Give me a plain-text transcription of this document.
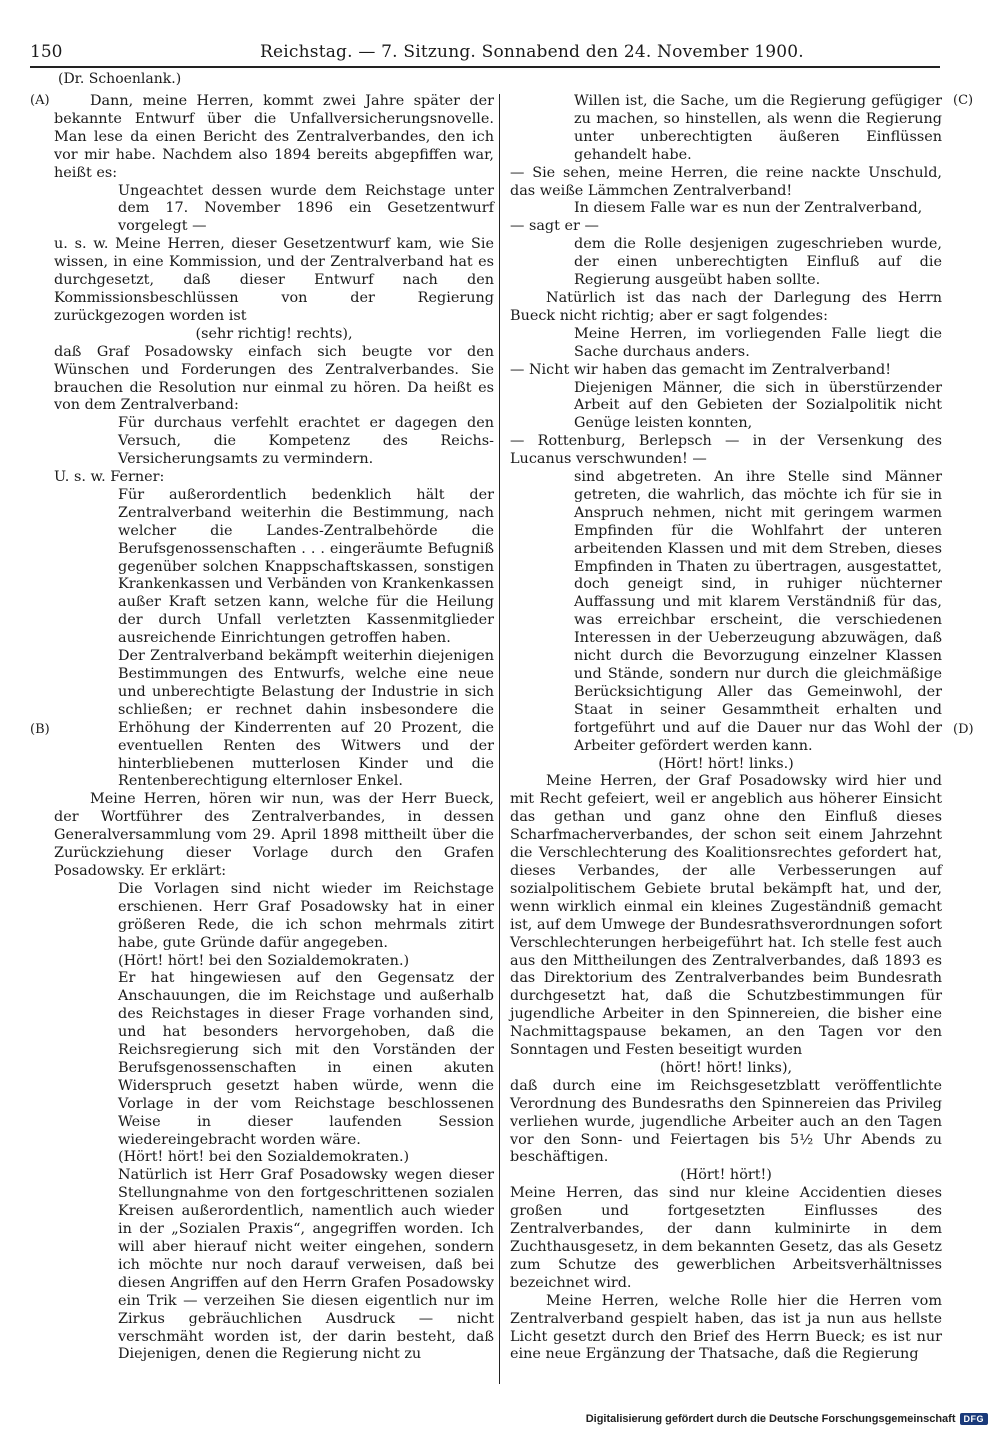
150	Reichstag. — 7. Sitzung. Sonnabend den 24. November 1900.
(Dr. Schoenlank.)
(A)
(B)
(C)
(D)

Dann, meine Herren, kommt zwei Jahre später der bekannte Entwurf über die Unfallversicherungsnovelle. Man lese da einen Bericht des Zentralverbandes, den ich vor mir habe. Nachdem also 1894 bereits abgepfiffen war, heißt es:

Ungeachtet dessen wurde dem Reichstage unter dem 17. November 1896 ein Gesetzentwurf vorgelegt —

u. s. w. Meine Herren, dieser Gesetzentwurf kam, wie Sie wissen, in eine Kommission, und der Zentralverband hat es durchgesetzt, daß dieser Entwurf nach den Kommissionsbeschlüssen von der Regierung zurückgezogen worden ist

(sehr richtig! rechts),

daß Graf Posadowsky einfach sich beugte vor den Wünschen und Forderungen des Zentralverbandes. Sie brauchen die Resolution nur einmal zu hören. Da heißt es von dem Zentralverband:

Für durchaus verfehlt erachtet er dagegen den Versuch, die Kompetenz des Reichs-Versicherungsamts zu vermindern.

U. s. w. Ferner:

Für außerordentlich bedenklich hält der Zentralverband weiterhin die Bestimmung, nach welcher die Landes-Zentralbehörde die Berufsgenossenschaften . . . eingeräumte Befugniß gegenüber solchen Knappschaftskassen, sonstigen Krankenkassen und Verbänden von Krankenkassen außer Kraft setzen kann, welche für die Heilung der durch Unfall verletzten Kassenmitglieder ausreichende Einrichtungen getroffen haben.

Der Zentralverband bekämpft weiterhin diejenigen Bestimmungen des Entwurfs, welche eine neue und unberechtigte Belastung der Industrie in sich schließen; er rechnet dahin insbesondere die Erhöhung der Kinderrenten auf 20 Prozent, die eventuellen Renten des Witwers und der hinterbliebenen mutterlosen Kinder und die Rentenberechtigung elternloser Enkel.

Meine Herren, hören wir nun, was der Herr Bueck, der Wortführer des Zentralverbandes, in dessen Generalversammlung vom 29. April 1898 mittheilt über die Zurückziehung dieser Vorlage durch den Grafen Posadowsky. Er erklärt:

Die Vorlagen sind nicht wieder im Reichstage erschienen. Herr Graf Posadowsky hat in einer größeren Rede, die ich schon mehrmals zitirt habe, gute Gründe dafür angegeben.

(Hört! hört! bei den Sozialdemokraten.)

Er hat hingewiesen auf den Gegensatz der Anschauungen, die im Reichstage und außerhalb des Reichstages in dieser Frage vorhanden sind, und hat besonders hervorgehoben, daß die Reichsregierung sich mit den Vorständen der Berufsgenossenschaften in einen akuten Widerspruch gesetzt haben würde, wenn die Vorlage in der vom Reichstage beschlossenen Weise in dieser laufenden Session wiedereingebracht worden wäre.

(Hört! hört! bei den Sozialdemokraten.)

Natürlich ist Herr Graf Posadowsky wegen dieser Stellungnahme von den fortgeschrittenen sozialen Kreisen außerordentlich, namentlich auch wieder in der „Sozialen Praxis“, angegriffen worden. Ich will aber hierauf nicht weiter eingehen, sondern ich möchte nur noch darauf verweisen, daß bei diesen Angriffen auf den Herrn Grafen Posadowsky ein Trik — verzeihen Sie diesen eigentlich nur im Zirkus gebräuchlichen Ausdruck — nicht verschmäht worden ist, der darin besteht, daß Diejenigen, denen die Regierung nicht zu

Willen ist, die Sache, um die Regierung gefügiger zu machen, so hinstellen, als wenn die Regierung unter unberechtigten äußeren Einflüssen gehandelt habe.

— Sie sehen, meine Herren, die reine nackte Unschuld, das weiße Lämmchen Zentralverband!

In diesem Falle war es nun der Zentralverband,

— sagt er —

dem die Rolle desjenigen zugeschrieben wurde, der einen unberechtigten Einfluß auf die Regierung ausgeübt haben sollte.

Natürlich ist das nach der Darlegung des Herrn Bueck nicht richtig; aber er sagt folgendes:

Meine Herren, im vorliegenden Falle liegt die Sache durchaus anders.

— Nicht wir haben das gemacht im Zentralverband!

Diejenigen Männer, die sich in überstürzender Arbeit auf den Gebieten der Sozialpolitik nicht Genüge leisten konnten,

— Rottenburg, Berlepsch — in der Versenkung des Lucanus verschwunden! —

sind abgetreten. An ihre Stelle sind Männer getreten, die wahrlich, das möchte ich für sie in Anspruch nehmen, nicht mit geringem warmen Empfinden für die Wohlfahrt der unteren arbeitenden Klassen und mit dem Streben, dieses Empfinden in Thaten zu übertragen, ausgestattet, doch geneigt sind, in ruhiger nüchterner Auffassung und mit klarem Verständniß für das, was erreichbar erscheint, die verschiedenen Interessen in der Ueberzeugung abzuwägen, daß nicht durch die Bevorzugung einzelner Klassen und Stände, sondern nur durch die gleichmäßige Berücksichtigung Aller das Gemeinwohl, der Staat in seiner Gesammtheit erhalten und fortgeführt und auf die Dauer nur das Wohl der Arbeiter gefördert werden kann.

(Hört! hört! links.)

Meine Herren, der Graf Posadowsky wird hier und mit Recht gefeiert, weil er angeblich aus höherer Einsicht das gethan und ganz ohne den Einfluß dieses Scharfmacherverbandes, der schon seit einem Jahrzehnt die Verschlechterung des Koalitionsrechtes gefordert hat, dieses Verbandes, der alle Verbesserungen auf sozialpolitischem Gebiete brutal bekämpft hat, und der, wenn wirklich einmal ein kleines Zugeständniß gemacht ist, auf dem Umwege der Bundesrathsverordnungen sofort Verschlechterungen herbeigeführt hat. Ich stelle fest auch aus den Mittheilungen des Zentralverbandes, daß 1893 es das Direktorium des Zentralverbandes beim Bundesrath durchgesetzt hat, daß die Schutzbestimmungen für jugendliche Arbeiter in den Spinnereien, die bisher eine Nachmittagspause bekamen, an den Tagen vor den Sonntagen und Festen beseitigt wurden

(hört! hört! links),

daß durch eine im Reichsgesetzblatt veröffentlichte Verordnung des Bundesraths den Spinnereien das Privileg verliehen wurde, jugendliche Arbeiter auch an den Tagen vor den Sonn- und Feiertagen bis 5½ Uhr Abends zu beschäftigen.

(Hört! hört!)

Meine Herren, das sind nur kleine Accidentien dieses großen und fortgesetzten Einflusses des Zentralverbandes, der dann kulminirte in dem Zuchthausgesetz, in dem bekannten Gesetz, das als Gesetz zum Schutze des gewerblichen Arbeitsverhältnisses bezeichnet wird.

Meine Herren, welche Rolle hier die Herren vom Zentralverband gespielt haben, das ist ja nun aus hellste Licht gesetzt durch den Brief des Herrn Bueck; es ist nur eine neue Ergänzung der Thatsache, daß die Regierung

Digitalisierung gefördert durch die Deutsche Forschungsgemeinschaft DFG
